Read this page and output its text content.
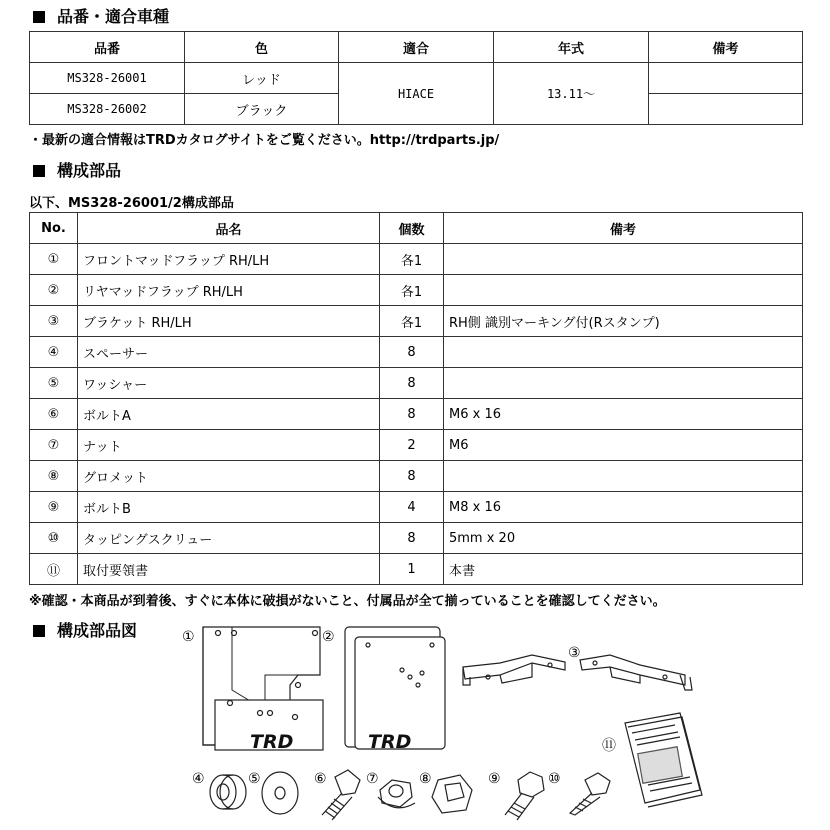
品番・適合車種
品番	色	適合	年式	備考
MS328-26001	レッド	HIACE	13.11〜	
MS328-26002	ブラック			
・最新の適合情報はTRDカタログサイトをご覧ください。http://trdparts.jp/
構成部品
以下、MS328-26001/2構成部品
No.	品名	個数	備考
①	フロントマッドフラップ RH/LH	各1	
②	リヤマッドフラップ RH/LH	各1	
③	ブラケット RH/LH	各1	RH側 識別マーキング付(Rスタンプ)
④	スペーサー	8	
⑤	ワッシャー	8	
⑥	ボルトA	8	M6 x 16
⑦	ナット	2	M6
⑧	グロメット	8	
⑨	ボルトB	4	M8 x 16
⑩	タッピングスクリュー	8	5mm x 20
⑪	取付要領書	1	本書
※確認・本商品が到着後、すぐに本体に破損がないこと、付属品が全て揃っていることを確認してください。
構成部品図
TRD	TRD
①	②
③
④	⑤	⑥	⑦	⑧	⑨	⑩
⑪
